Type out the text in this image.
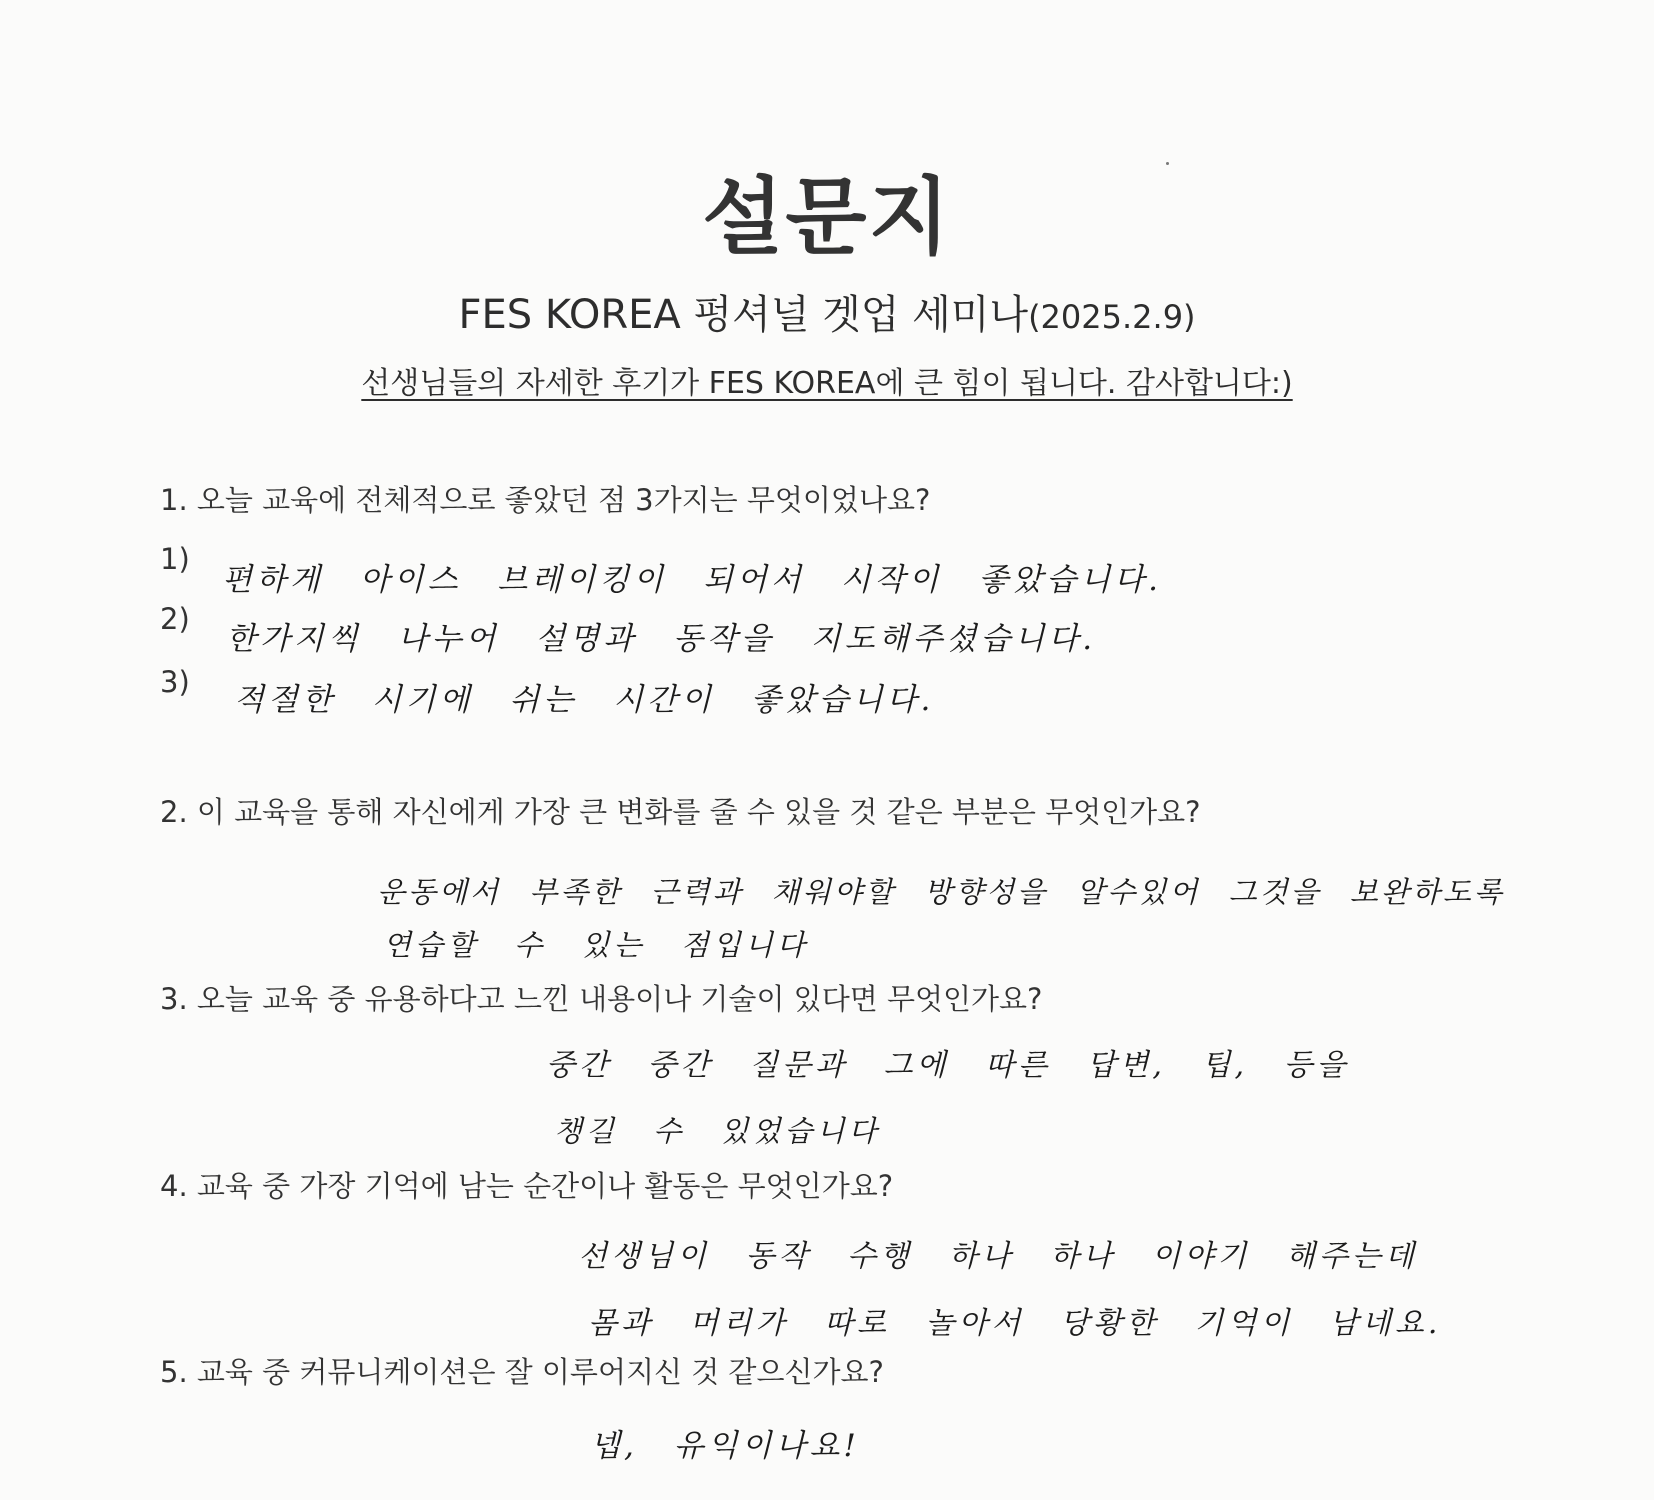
설문지
FES KOREA 펑셔널 겟업 세미나(2025.2.9)
선생님들의 자세한 후기가 FES KOREA에 큰 힘이 됩니다. 감사합니다:)
1. 오늘 교육에 전체적으로 좋았던 점 3가지는 무엇이었나요?
1)
편하게 아이스 브레이킹이 되어서 시작이 좋았습니다.
2)
한가지씩 나누어 설명과 동작을 지도해주셨습니다.
3) 적절한 시기에 쉬는 시간이 좋았습니다.
2. 이 교육을 통해 자신에게 가장 큰 변화를 줄 수 있을 것 같은 부분은 무엇인가요?
운동에서 부족한 근력과 채워야할 방향성을 알수있어 그것을 보완하도록
연습할 수 있는 점입니다
3. 오늘 교육 중 유용하다고 느낀 내용이나 기술이 있다면 무엇인가요?
중간 중간 질문과 그에 따른 답변, 팁, 등을
챙길 수 있었습니다
4. 교육 중 가장 기억에 남는 순간이나 활동은 무엇인가요?
선생님이 동작 수행 하나 하나 이야기 해주는데
몸과 머리가 따로 놀아서 당황한 기억이 남네요.
5. 교육 중 커뮤니케이션은 잘 이루어지신 것 같으신가요?
넵, 유익이나요!
